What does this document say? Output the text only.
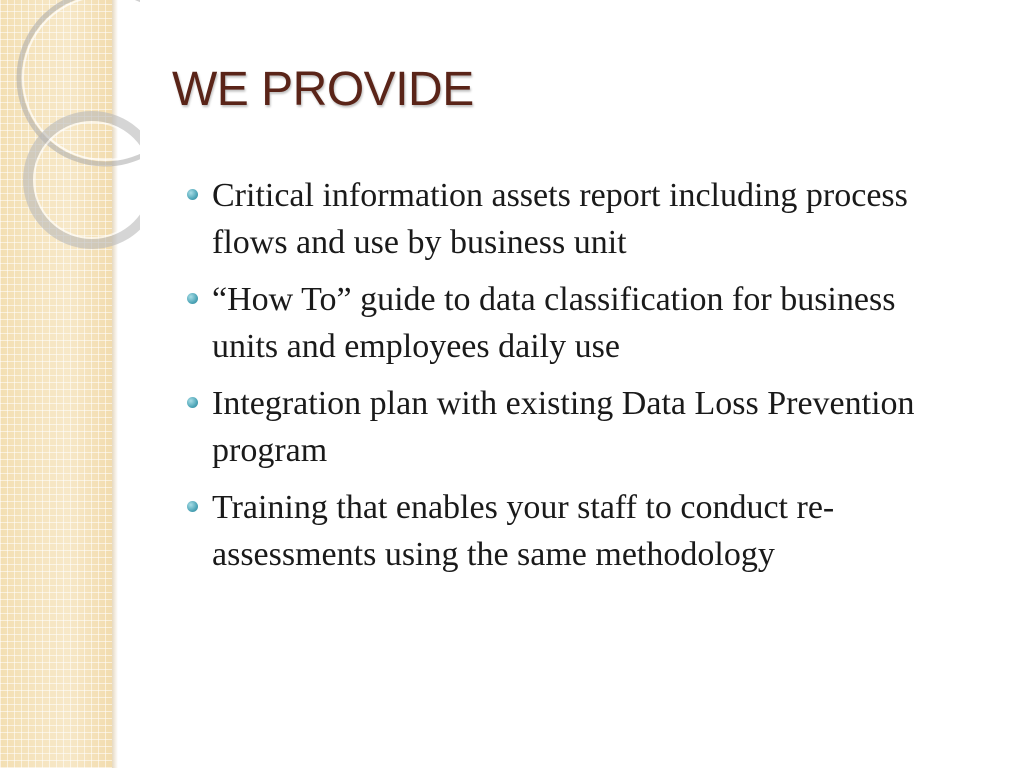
WE PROVIDE
Critical information assets report including process flows and use by business unit
“How To” guide to data classification for business units and employees daily use
Integration plan with existing Data Loss Prevention program
Training that enables your staff to conduct re-assessments using the same methodology
